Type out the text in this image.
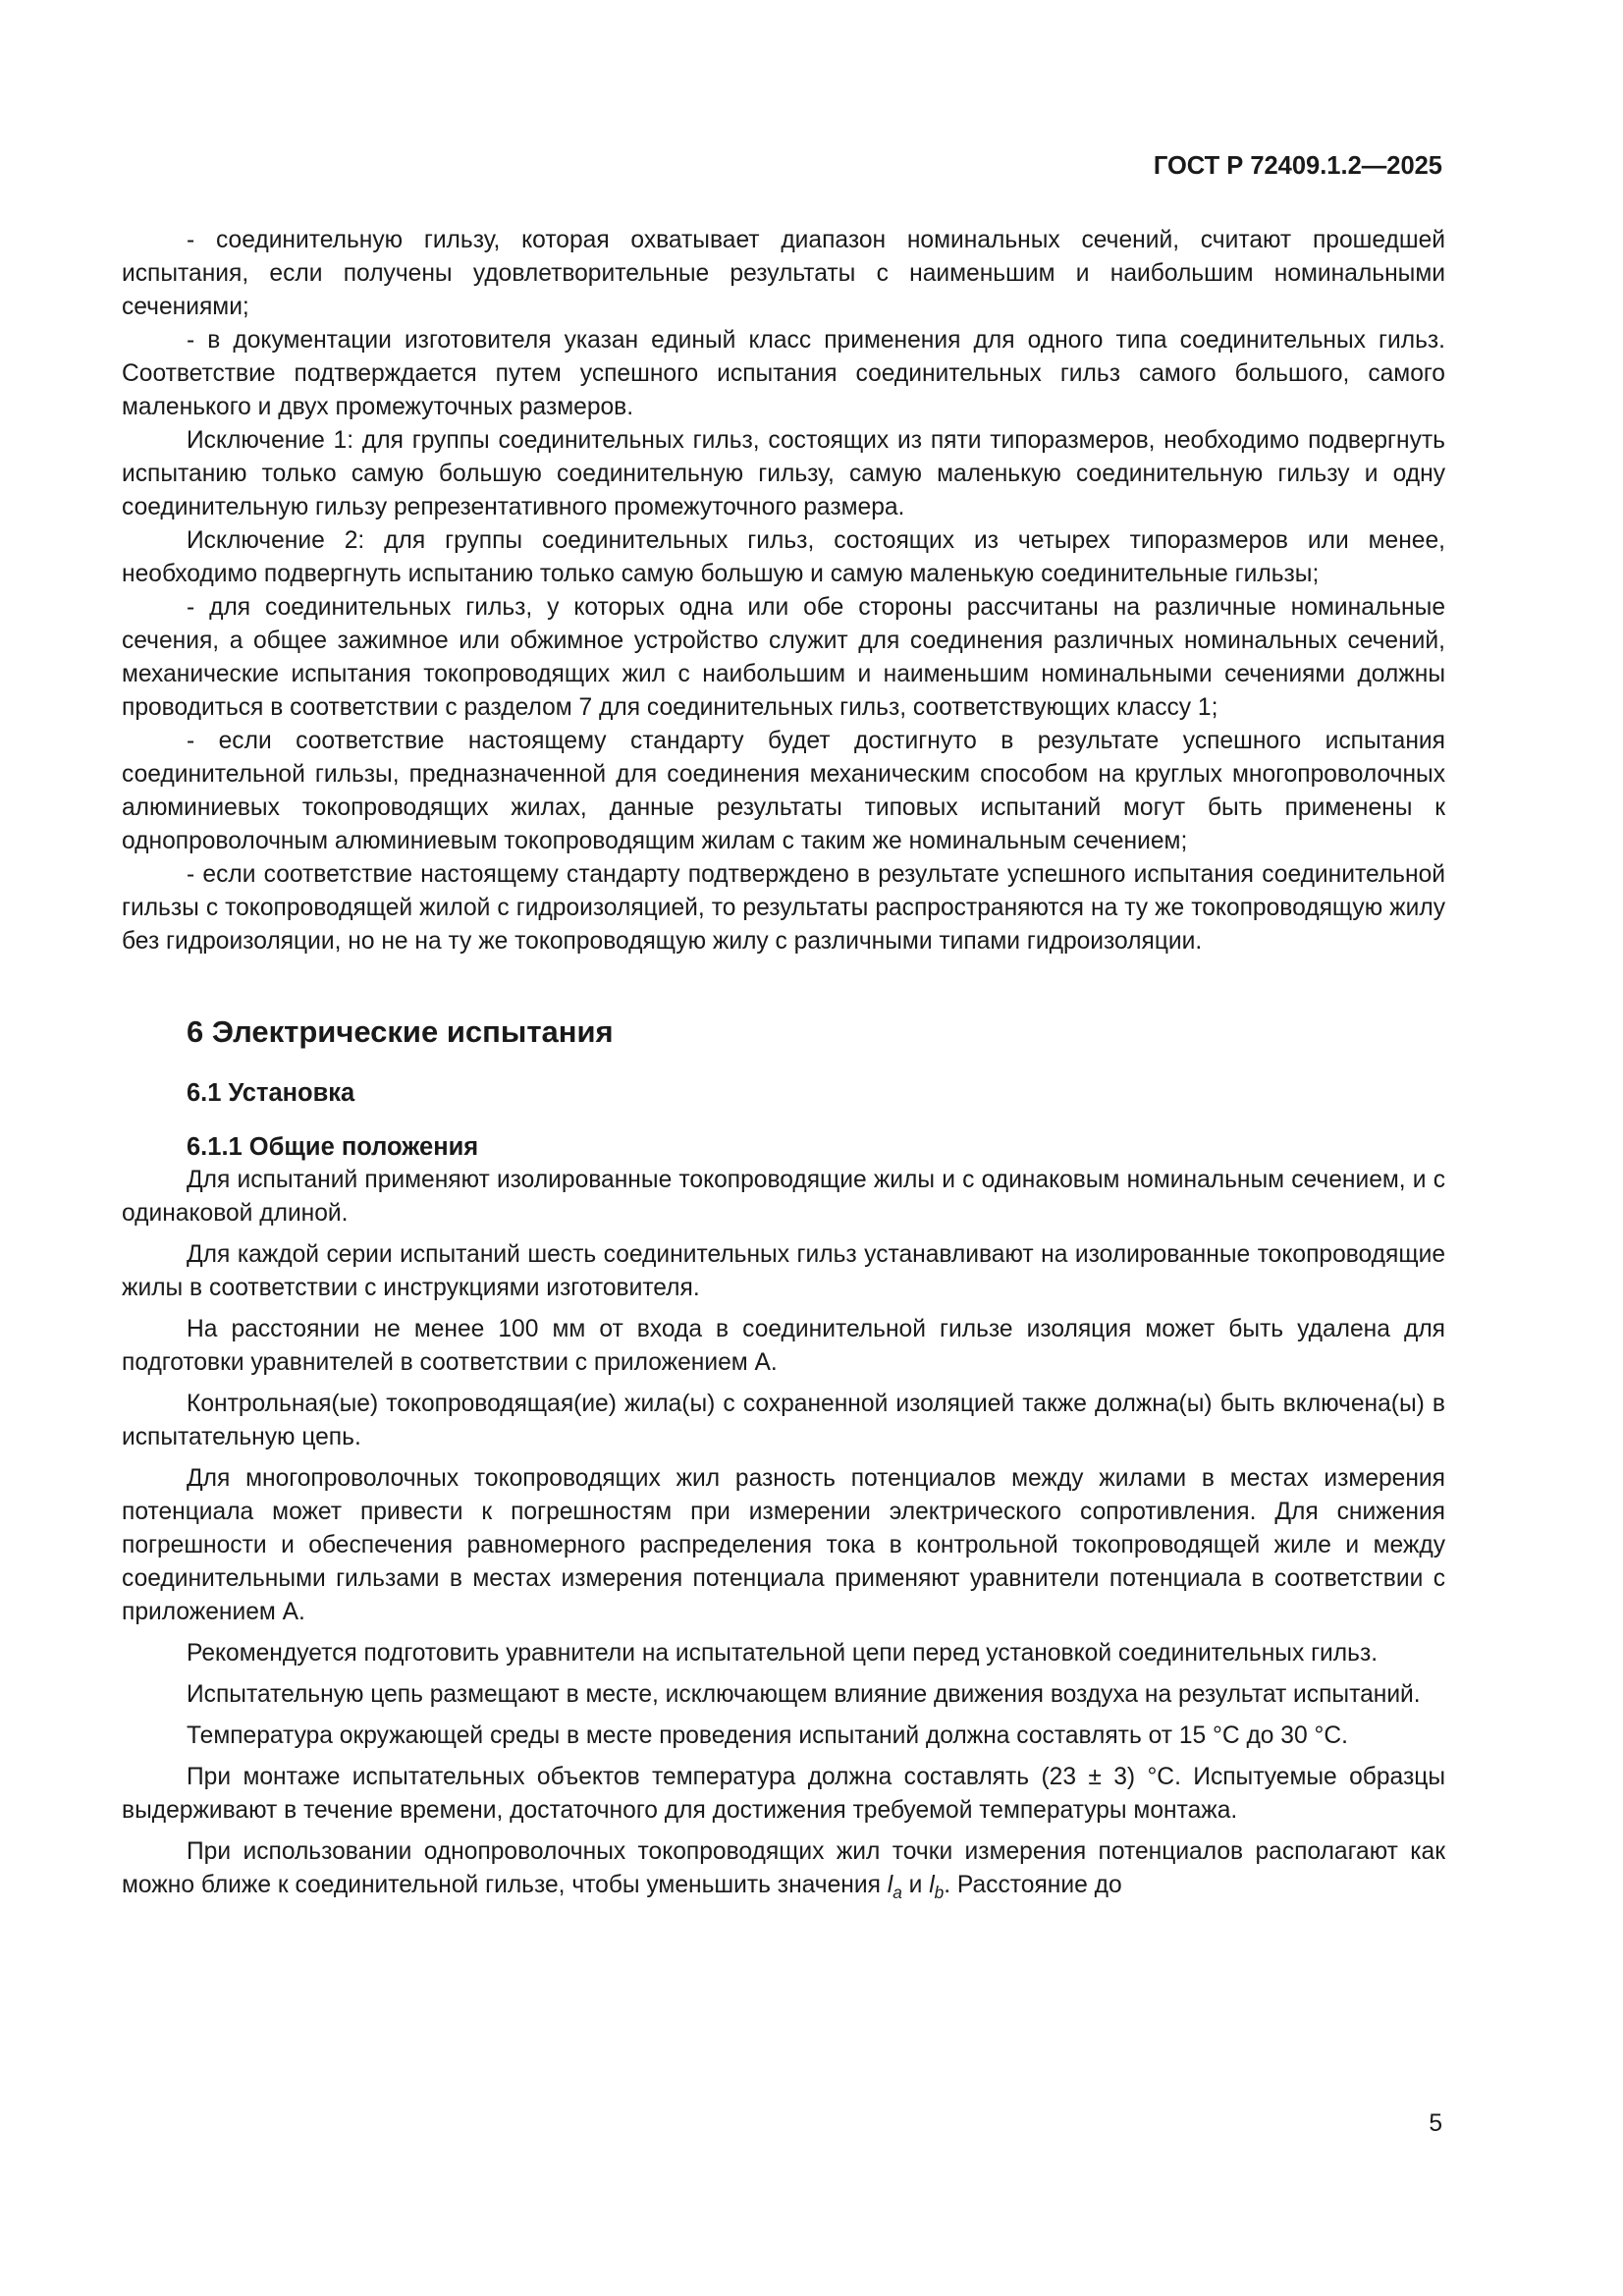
ГОСТ Р 72409.1.2—2025

- соединительную гильзу, которая охватывает диапазон номинальных сечений, считают прошедшей испытания, если получены удовлетворительные результаты с наименьшим и наибольшим номинальными сечениями;

- в документации изготовителя указан единый класс применения для одного типа соединительных гильз. Соответствие подтверждается путем успешного испытания соединительных гильз самого большого, самого маленького и двух промежуточных размеров.

Исключение 1: для группы соединительных гильз, состоящих из пяти типоразмеров, необходимо подвергнуть испытанию только самую большую соединительную гильзу, самую маленькую соединительную гильзу и одну соединительную гильзу репрезентативного промежуточного размера.

Исключение 2: для группы соединительных гильз, состоящих из четырех типоразмеров или менее, необходимо подвергнуть испытанию только самую большую и самую маленькую соединительные гильзы;

- для соединительных гильз, у которых одна или обе стороны рассчитаны на различные номинальные сечения, а общее зажимное или обжимное устройство служит для соединения различных номинальных сечений, механические испытания токопроводящих жил с наибольшим и наименьшим номинальными сечениями должны проводиться в соответствии с разделом 7 для соединительных гильз, соответствующих классу 1;

- если соответствие настоящему стандарту будет достигнуто в результате успешного испытания соединительной гильзы, предназначенной для соединения механическим способом на круглых многопроволочных алюминиевых токопроводящих жилах, данные результаты типовых испытаний могут быть применены к однопроволочным алюминиевым токопроводящим жилам с таким же номинальным сечением;

- если соответствие настоящему стандарту подтверждено в результате успешного испытания соединительной гильзы с токопроводящей жилой с гидроизоляцией, то результаты распространяются на ту же токопроводящую жилу без гидроизоляции, но не на ту же токопроводящую жилу с различными типами гидроизоляции.

6 Электрические испытания
6.1 Установка
6.1.1 Общие положения

Для испытаний применяют изолированные токопроводящие жилы и с одинаковым номинальным сечением, и с одинаковой длиной.

Для каждой серии испытаний шесть соединительных гильз устанавливают на изолированные токопроводящие жилы в соответствии с инструкциями изготовителя.

На расстоянии не менее 100 мм от входа в соединительной гильзе изоляция может быть удалена для подготовки уравнителей в соответствии с приложением А.

Контрольная(ые) токопроводящая(ие) жила(ы) с сохраненной изоляцией также должна(ы) быть включена(ы) в испытательную цепь.

Для многопроволочных токопроводящих жил разность потенциалов между жилами в местах измерения потенциала может привести к погрешностям при измерении электрического сопротивления. Для снижения погрешности и обеспечения равномерного распределения тока в контрольной токопроводящей жиле и между соединительными гильзами в местах измерения потенциала применяют уравнители потенциала в соответствии с приложением А.

Рекомендуется подготовить уравнители на испытательной цепи перед установкой соединительных гильз.

Испытательную цепь размещают в месте, исключающем влияние движения воздуха на результат испытаний.

Температура окружающей среды в месте проведения испытаний должна составлять от 15 °C до 30 °C.

При монтаже испытательных объектов температура должна составлять (23 ± 3) °C. Испытуемые образцы выдерживают в течение времени, достаточного для достижения требуемой температуры монтажа.

При использовании однопроволочных токопроводящих жил точки измерения потенциалов располагают как можно ближе к соединительной гильзе, чтобы уменьшить значения $l_a$ и $l_b$. Расстояние до

5
